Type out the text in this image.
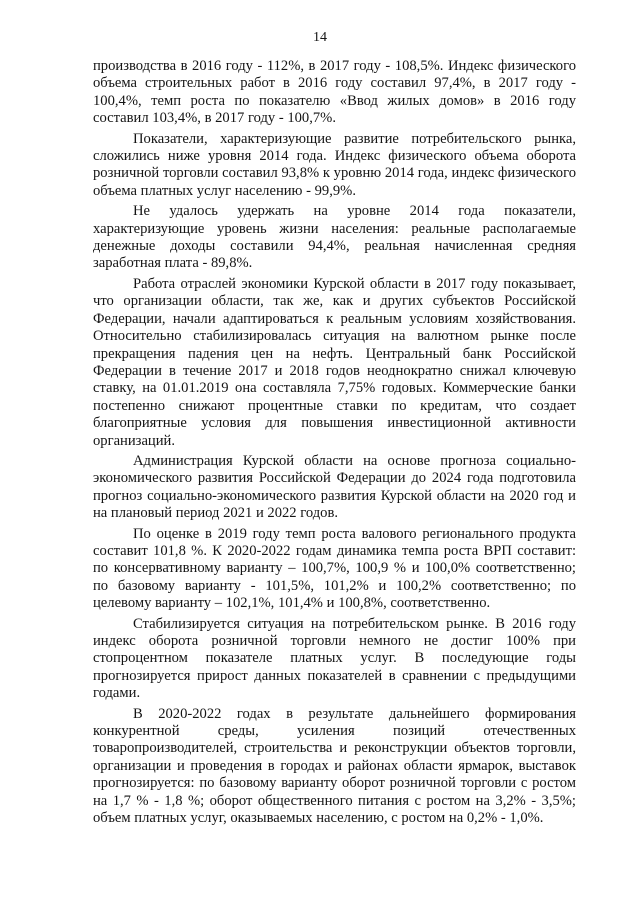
14

производства в 2016 году - 112%, в 2017 году - 108,5%. Индекс физического объема строительных работ в 2016 году составил 97,4%, в 2017 году - 100,4%, темп роста по показателю «Ввод жилых домов» в 2016 году составил 103,4%, в 2017 году - 100,7%.

Показатели, характеризующие развитие потребительского рынка, сложились ниже уровня 2014 года. Индекс физического объема оборота розничной торговли составил 93,8% к уровню 2014 года, индекс физического объема платных услуг населению - 99,9%.

Не удалось удержать на уровне 2014 года показатели, характеризующие уровень жизни населения: реальные располагаемые денежные доходы составили 94,4%, реальная начисленная средняя заработная плата - 89,8%.

Работа отраслей экономики Курской области в 2017 году показывает, что организации области, так же, как и других субъектов Российской Федерации, начали адаптироваться к реальным условиям хозяйствования. Относительно стабилизировалась ситуация на валютном рынке после прекращения падения цен на нефть. Центральный банк Российской Федерации в течение 2017 и 2018 годов неоднократно снижал ключевую ставку, на 01.01.2019 она составляла 7,75% годовых. Коммерческие банки постепенно снижают процентные ставки по кредитам, что создает благоприятные условия для повышения инвестиционной активности организаций.

Администрация Курской области на основе прогноза социально-экономического развития Российской Федерации до 2024 года подготовила прогноз социально-экономического развития Курской области на 2020 год и на плановый период 2021 и 2022 годов.

По оценке в 2019 году темп роста валового регионального продукта составит 101,8 %. К 2020-2022 годам динамика темпа роста ВРП составит: по консервативному варианту – 100,7%, 100,9 % и 100,0% соответственно; по базовому варианту - 101,5%, 101,2% и 100,2% соответственно; по целевому варианту – 102,1%, 101,4% и 100,8%, соответственно.

Стабилизируется ситуация на потребительском рынке. В 2016 году индекс оборота розничной торговли немного не достиг 100% при стопроцентном показателе платных услуг. В последующие годы прогнозируется прирост данных показателей в сравнении с предыдущими годами.

В 2020-2022 годах в результате дальнейшего формирования конкурентной среды, усиления позиций отечественных товаропроизводителей, строительства и реконструкции объектов торговли, организации и проведения в городах и районах области ярмарок, выставок прогнозируется: по базовому варианту оборот розничной торговли с ростом на 1,7 % - 1,8 %; оборот общественного питания с ростом на 3,2% - 3,5%; объем платных услуг, оказываемых населению, с ростом на 0,2% - 1,0%.
